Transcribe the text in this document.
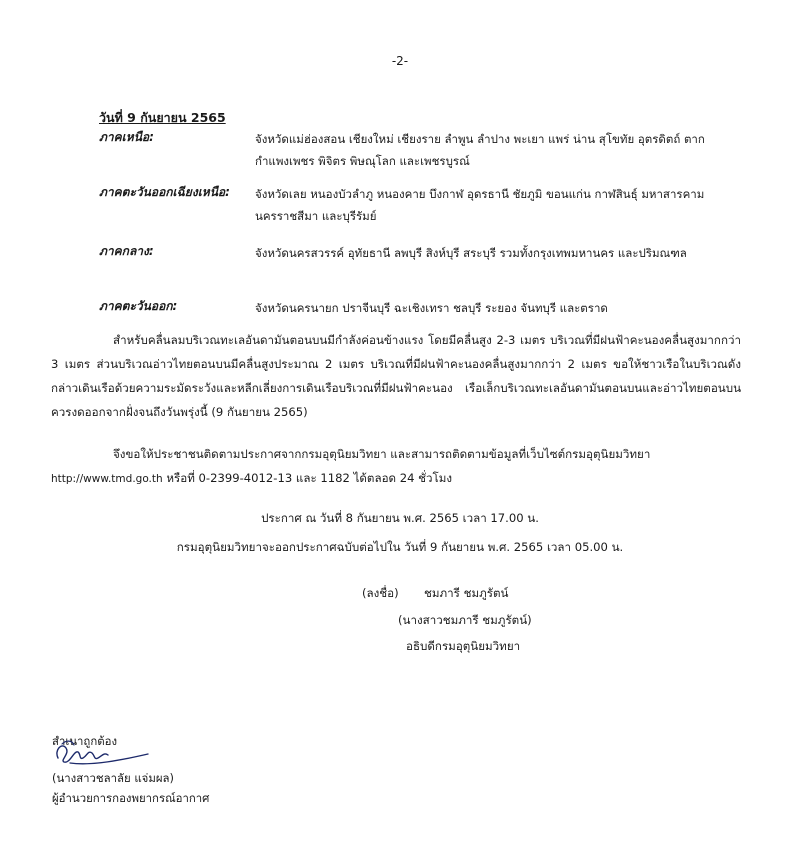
-2-
วันที่ 9 กันยายน 2565
ภาคเหนือ:	จังหวัดแม่ฮ่องสอน เชียงใหม่ เชียงราย ลำพูน ลำปาง พะเยา แพร่ น่าน สุโขทัย อุตรดิตถ์ ตาก กำแพงเพชร พิจิตร พิษณุโลก และเพชรบูรณ์
ภาคตะวันออกเฉียงเหนือ: จังหวัดเลย หนองบัวลำภู หนองคาย บึงกาฬ อุดรธานี ชัยภูมิ ขอนแก่น กาฬสินธุ์ มหาสารคาม นครราชสีมา และบุรีรัมย์
ภาคกลาง:	จังหวัดนครสวรรค์ อุทัยธานี ลพบุรี สิงห์บุรี สระบุรี รวมทั้งกรุงเทพมหานคร และปริมณฑล
ภาคตะวันออก:	จังหวัดนครนายก ปราจีนบุรี ฉะเชิงเทรา ชลบุรี ระยอง จันทบุรี และตราด
สำหรับคลื่นลมบริเวณทะเลอันดามันตอนบนมีกำลังค่อนข้างแรง โดยมีคลื่นสูง 2-3 เมตร บริเวณที่มีฝนฟ้าคะนองคลื่นสูงมากกว่า 3 เมตร ส่วนบริเวณอ่าวไทยตอนบนมีคลื่นสูงประมาณ 2 เมตร บริเวณที่มีฝนฟ้าคะนองคลื่นสูงมากกว่า 2 เมตร ขอให้ชาวเรือในบริเวณดังกล่าวเดินเรือด้วยความระมัดระวังและหลีกเลี่ยงการเดินเรือบริเวณที่มีฝนฟ้าคะนอง เรือเล็กบริเวณทะเลอันดามันตอนบนและอ่าวไทยตอนบนควรงดออกจากฝั่งจนถึงวันพรุ่งนี้ (9 กันยายน 2565)
จึงขอให้ประชาชนติดตามประกาศจากกรมอุตุนิยมวิทยา และสามารถติดตามข้อมูลที่เว็บไซต์กรมอุตุนิยมวิทยา
http://www.tmd.go.th หรือที่ 0-2399-4012-13 และ 1182 ได้ตลอด 24 ชั่วโมง
ประกาศ ณ วันที่ 8 กันยายน พ.ศ. 2565 เวลา 17.00 น.
กรมอุตุนิยมวิทยาจะออกประกาศฉบับต่อไปใน วันที่ 9 กันยายน พ.ศ. 2565 เวลา 05.00 น.
(ลงชื่อ) ชมภารี ชมภูรัตน์
(นางสาวชมภารี ชมภูรัตน์)
อธิบดีกรมอุตุนิยมวิทยา
สำเนาถูกต้อง
(นางสาวชลาลัย แจ่มผล)
ผู้อำนวยการกองพยากรณ์อากาศ
